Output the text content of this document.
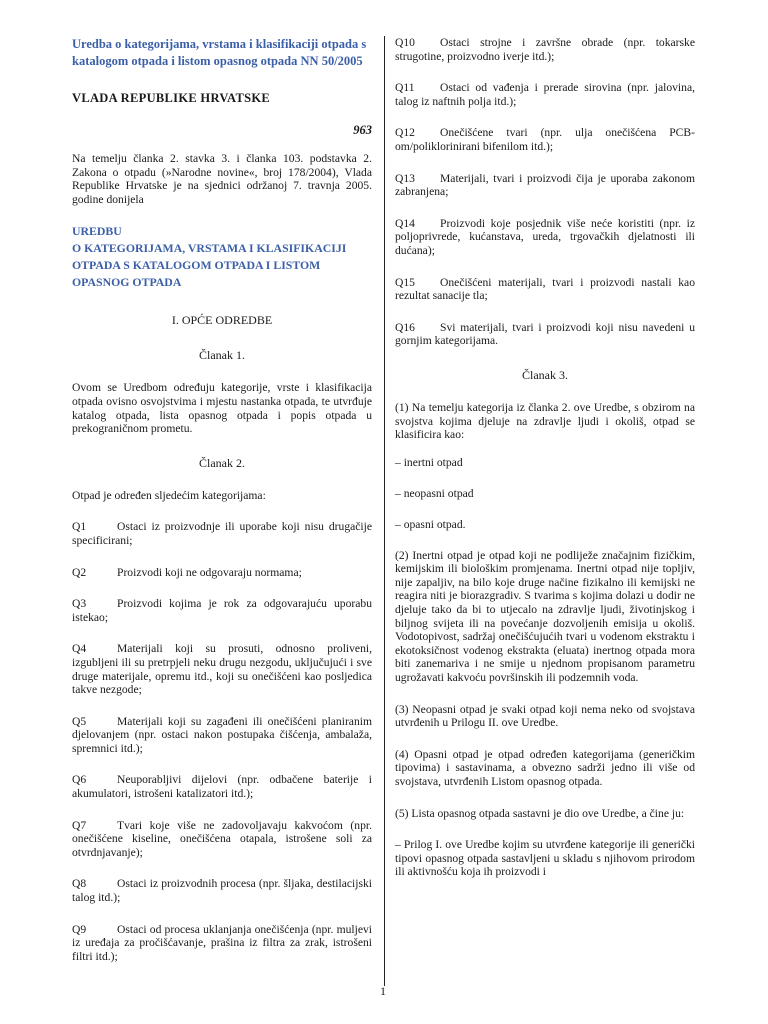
Uredba o kategorijama, vrstama i klasifikaciji otpada s katalogom otpada i listom opasnog otpada NN 50/2005

VLADA REPUBLIKE HRVATSKE

963

Na temelju članka 2. stavka 3. i članka 103. podstavka 2. Zakona o otpadu (»Narodne novine«, broj 178/2004), Vlada Republike Hrvatske je na sjednici održanoj 7. travnja 2005. godine donijela

UREDBU

O KATEGORIJAMA, VRSTAMA I KLASIFIKACIJI OTPADA S KATALOGOM OTPADA I LISTOM OPASNOG OTPADA

I. OPĆE ODREDBE

Članak 1.

Ovom se Uredbom određuju kategorije, vrste i klasifikacija otpada ovisno osvojstvima i mjestu nastanka otpada, te utvrđuje katalog otpada, lista opasnog otpada i popis otpada u prekograničnom prometu.

Članak 2.

Otpad je određen sljedećim kategorijama:

Q1	Ostaci iz proizvodnje ili uporabe koji nisu drugačije specificirani;
Q2	Proizvodi koji ne odgovaraju normama;
Q3	Proizvodi kojima je rok za odgovarajuću uporabu istekao;
Q4	Materijali koji su prosuti, odnosno proliveni, izgubljeni ili su pretrpjeli neku drugu nezgodu, uključujući i sve druge materijale, opremu itd., koji su onečišćeni kao posljedica takve nezgode;
Q5	Materijali koji su zagađeni ili onečišćeni planiranim djelovanjem (npr. ostaci nakon postupaka čišćenja, ambalaža, spremnici itd.);
Q6	Neuporabljivi dijelovi (npr. odbačene baterije i akumulatori, istrošeni katalizatori itd.);
Q7	Tvari koje više ne zadovoljavaju kakvoćom (npr. onečišćene kiseline, onečišćena otapala, istrošene soli za otvrdnjavanje);
Q8	Ostaci iz proizvodnih procesa (npr. šljaka, destilacijski talog itd.);
Q9	Ostaci od procesa uklanjanja onečišćenja (npr. muljevi iz uređaja za pročišćavanje, prašina iz filtra za zrak, istrošeni filtri itd.);
Q10 Ostaci strojne i završne obrade (npr. tokarske strugotine, proizvodno iverje itd.);
Q11 Ostaci od vađenja i prerade sirovina (npr. jalovina, talog iz naftnih polja itd.);
Q12 Onečišćene tvari (npr. ulja onečišćena PCB-om/poliklorinirani bifenilom itd.);
Q13 Materijali, tvari i proizvodi čija je uporaba zakonom zabranjena;
Q14 Proizvodi koje posjednik više neće koristiti (npr. iz poljoprivrede, kućanstava, ureda, trgovačkih djelatnosti ili dućana);
Q15 Onečišćeni materijali, tvari i proizvodi nastali kao rezultat sanacije tla;
Q16 Svi materijali, tvari i proizvodi koji nisu navedeni u gornjim kategorijama.

Članak 3.

(1) Na temelju kategorija iz članka 2. ove Uredbe, s obzirom na svojstva kojima djeluje na zdravlje ljudi i okoliš, otpad se klasificira kao:

– inertni otpad

– neopasni otpad

– opasni otpad.

(2) Inertni otpad je otpad koji ne podliježe značajnim fizičkim, kemijskim ili biološkim promjenama. Inertni otpad nije topljiv, nije zapaljiv, na bilo koje druge načine fizikalno ili kemijski ne reagira niti je biorazgradiv. S tvarima s kojima dolazi u dodir ne djeluje tako da bi to utjecalo na zdravlje ljudi, životinjskog i biljnog svijeta ili na povećanje dozvoljenih emisija u okoliš. Vodotopivost, sadržaj onečišćujućih tvari u vodenom ekstraktu i ekotoksičnost vodenog ekstrakta (eluata) inertnog otpada mora biti zanemariva i ne smije u njednom propisanom parametru ugrožavati kakvoću površinskih ili podzemnih voda.

(3) Neopasni otpad je svaki otpad koji nema neko od svojstava utvrđenih u Prilogu II. ove Uredbe.

(4) Opasni otpad je otpad određen kategorijama (generičkim tipovima) i sastavinama, a obvezno sadrži jedno ili više od svojstava, utvrđenih Listom opasnog otpada.

(5) Lista opasnog otpada sastavni je dio ove Uredbe, a čine ju:

– Prilog I. ove Uredbe kojim su utvrđene kategorije ili generički tipovi opasnog otpada sastavljeni u skladu s njihovom prirodom ili aktivnošću koja ih proizvodi i

1
